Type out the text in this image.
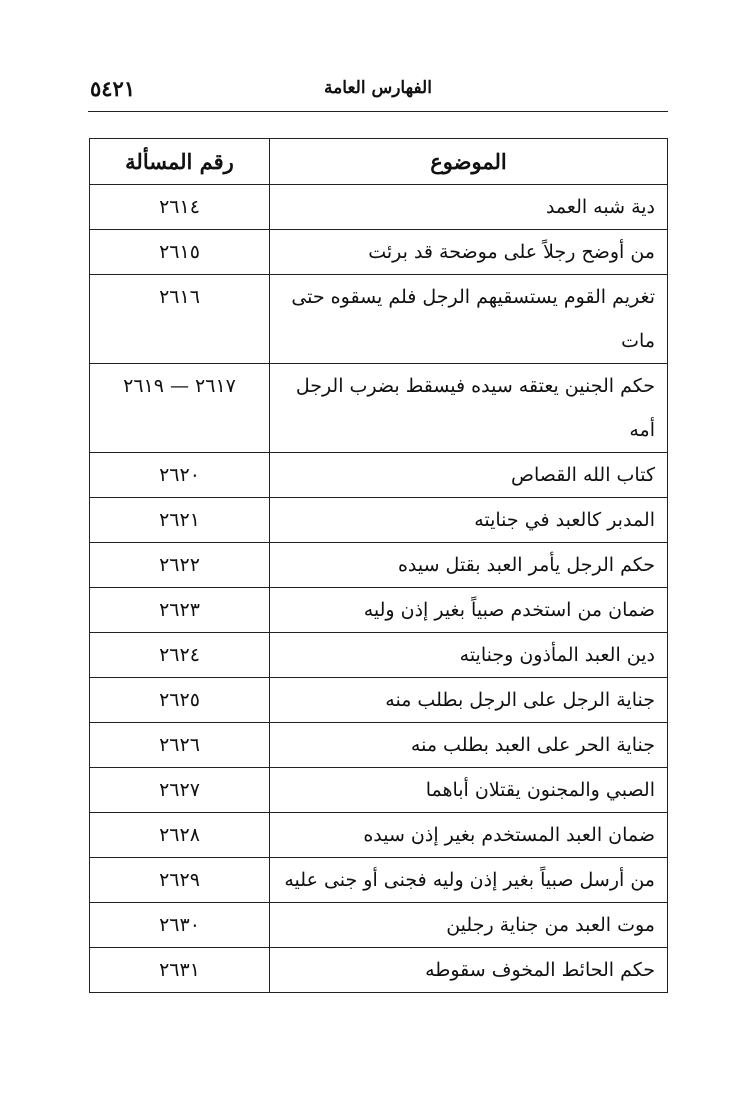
الفهارس العامة
٥٤٢١
الموضوع	رقم المسألة
دية شبه العمد	٢٦١٤
من أوضح رجلاً على موضحة قد برئت	٢٦١٥
تغريم القوم يستسقيهم الرجل فلم يسقوه حتى مات	٢٦١٦
حكم الجنين يعتقه سيده فيسقط بضرب الرجل أمه	٢٦١٧ — ٢٦١٩
كتاب الله القصاص	٢٦٢٠
المدبر كالعبد في جنايته	٢٦٢١
حكم الرجل يأمر العبد بقتل سيده	٢٦٢٢
ضمان من استخدم صبياً بغير إذن وليه	٢٦٢٣
دين العبد المأذون وجنايته	٢٦٢٤
جناية الرجل على الرجل بطلب منه	٢٦٢٥
جناية الحر على العبد بطلب منه	٢٦٢٦
الصبي والمجنون يقتلان أباهما	٢٦٢٧
ضمان العبد المستخدم بغير إذن سيده	٢٦٢٨
من أرسل صبياً بغير إذن وليه فجنى أو جنى عليه	٢٦٢٩
موت العبد من جناية رجلين	٢٦٣٠
حكم الحائط المخوف سقوطه	٢٦٣١
